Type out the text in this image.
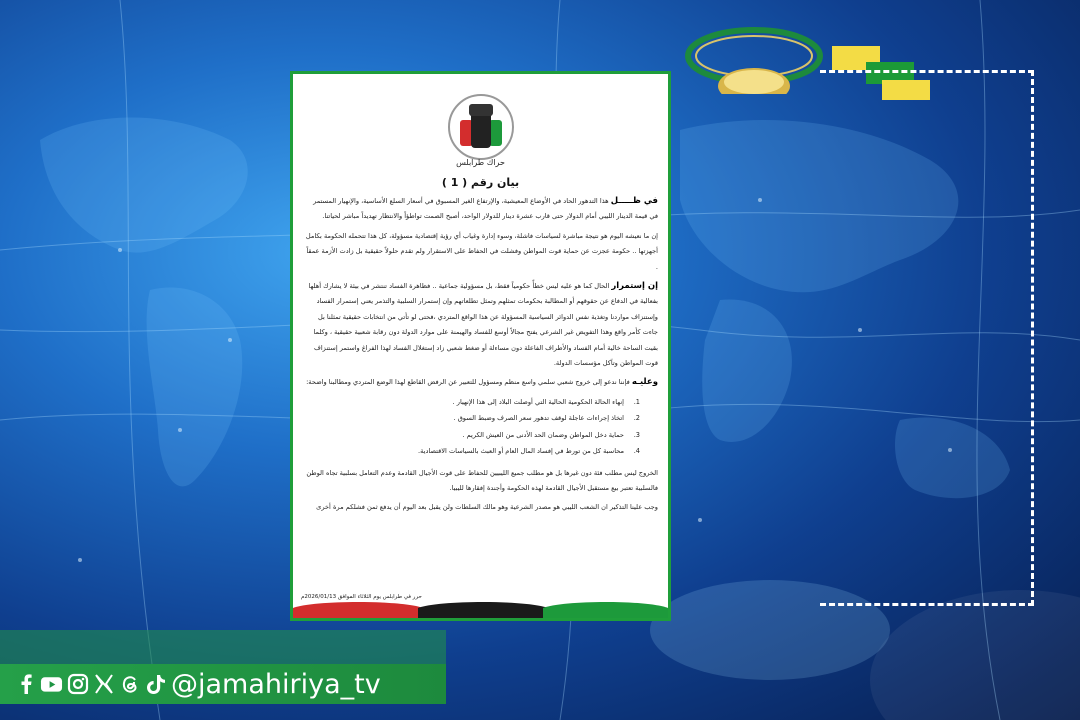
حراك طرابلس
بيان رقم ( 1 )

في ظـــــل هذا التدهور الحاد في الأوضاع المعيشية، والإرتفاع الغير المسبوق في أسعار السلع الأساسية، والإنهيار المستمر في قيمة الدينار الليبي أمام الدولار حتى قارب عشرة دينار للدولار الواحد، أصبح الصمت تواطؤاً والانتظار تهديداً مباشر لحياتنا.

إن ما نعيشه اليوم هو نتيجة مباشرة لسياسات فاشلة، وسوء إدارة وغياب أي رؤية إقتصادية مسؤولة، كل هذا تتحمله الحكومة بكامل أجهزتها .. حكومة عجزت عن حماية قوت المواطن وفشلت في الحفاظ على الاستقرار ولم تقدم حلولاً حقيقية بل زادت الأزمة عمقاً .

إن إستمرار الحال كما هو عليه ليس خطأً حكومياً فقط، بل مسؤولية جماعية .. فظاهرة الفساد تنتشر في بيئة لا يشارك أهلها بفعالية في الدفاع عن حقوقهم أو المطالبة بحكومات تمثلهم وتمثل تطلعاتهم وإن إستمرار السلبية والتذمر يعني إستمرار الفساد وإستنزاف مواردنا وتغذية نفس الدوائر السياسية المسؤولة عن هذا الواقع المتردي ،فحتى لو تأتي من انتخابات حقيقية تمثلنا بل جاءت كأمر واقع وهذا التفويض غير الشرعي يفتح مجالاً أوسع للفساد والهيمنة على موارد الدولة دون رقابة شعبية حقيقية ، وكلما بقيت الساحة خالية أمام الفساد والأطراف الفاعلة دون مساءلة أو ضغط شعبي زاد إستغلال الفساد لهذا الفراغ واستمر إستنزاف قوت المواطن وتآكل مؤسسات الدولة.

وعليـه فإننا ندعو إلى خروج شعبي سلمي واسع منظم ومسؤول للتعبير عن الرفض القاطع لهذا الوضع المتردي ومطالبنا واضحة:

1.إنهاء الحالة الحكومية الحالية التي أوصلت البلاد إلى هذا الإنهيار .
2.اتخاذ إجراءات عاجلة لوقف تدهور سعر الصرف وضبط السوق .
3.حماية دخل المواطن وضمان الحد الأدنى من العيش الكريم .
4.محاسبة كل من تورط في إفساد المال العام أو العبث بالسياسات الاقتصادية.

الخروج ليس مطلب فئة دون غيرها بل هو مطلب جميع الليبيين للحفاظ على قوت الأجيال القادمة وعدم التعامل بسلبية تجاه الوطن فالسلبية تعتبر بيع مستقبل الأجيال القادمة لهذه الحكومة وأجندة إفقارها لليبيا.

وجب علينا التذكير ان الشعب الليبي هو مصدر الشرعية وهو مالك السلطات ولن يقبل بعد اليوم أن يدفع ثمن فشلكم مرة أخرى

حرر في طرابلس يوم الثلاثاء الموافق 2026/01/13م
@jamahiriya_tv
